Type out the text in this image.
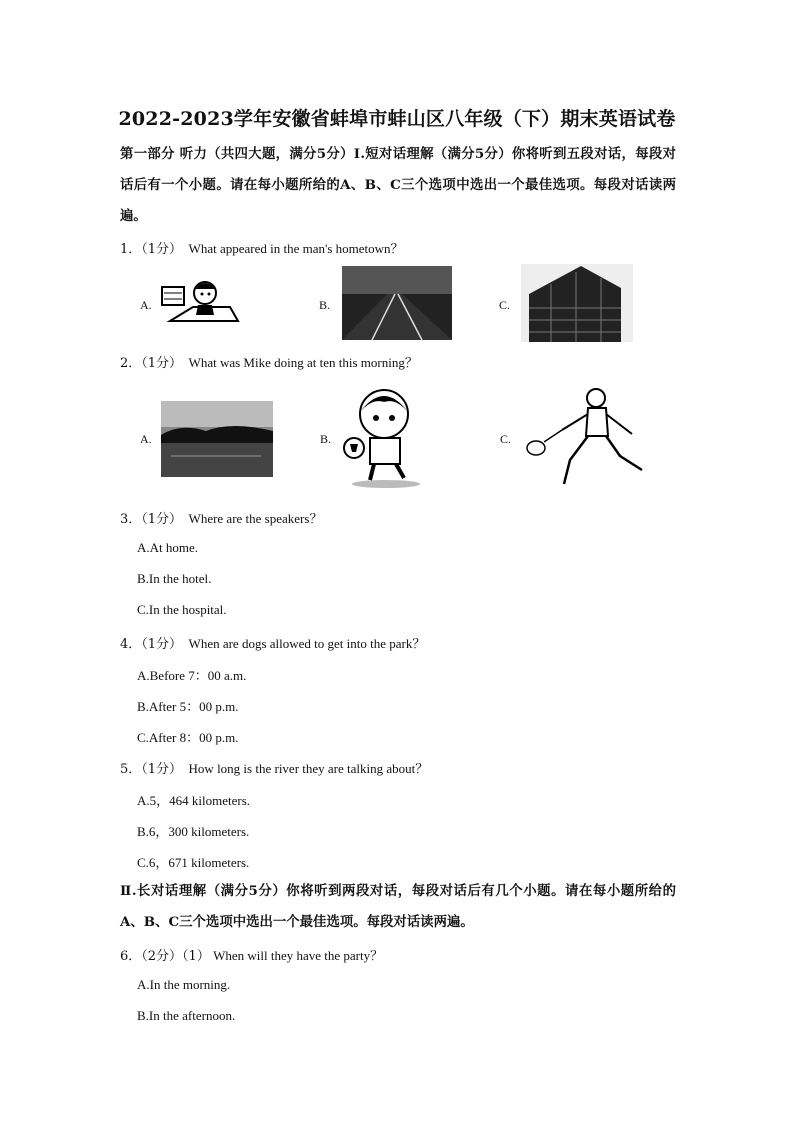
2022-2023学年安徽省蚌埠市蚌山区八年级（下）期末英语试卷
第一部分 听力（共四大题，满分5分）Ⅰ.短对话理解（满分5分）你将听到五段对话，每段对话后有一个小题。请在每小题所给的A、B、C三个选项中选出一个最佳选项。每段对话读两遍。
1．（1分） What appeared in the man's hometown？
A.	B.	C.
2．（1分） What was Mike doing at ten this morning？
A.	B.	C.
3．（1分） Where are the speakers？
A.At home.
B.In the hotel.
C.In the hospital.
4．（1分） When are dogs allowed to get into the park？
A.Before 7：00 a.m.
B.After 5：00 p.m.
C.After 8：00 p.m.
5．（1分） How long is the river they are talking about？
A.5，464 kilometers.
B.6，300 kilometers.
C.6，671 kilometers.
Ⅱ.长对话理解（满分5分）你将听到两段对话，每段对话后有几个小题。请在每小题所给的A、B、C三个选项中选出一个最佳选项。每段对话读两遍。
6．（2分）（1） When will they have the party？
A.In the morning.
B.In the afternoon.
